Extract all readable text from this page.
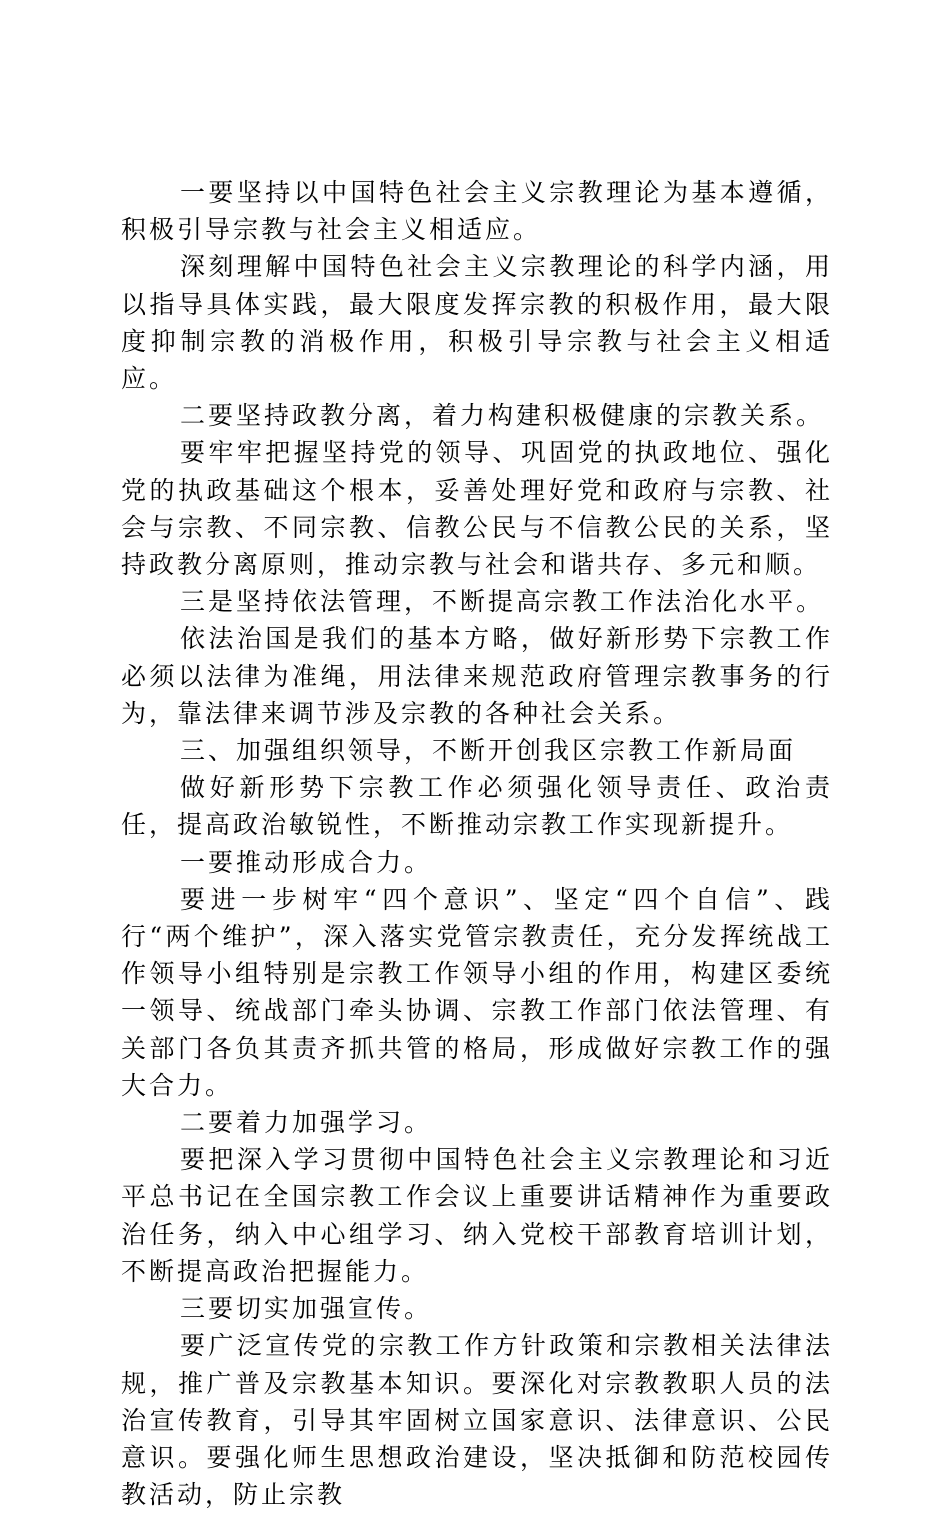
一要坚持以中国特色社会主义宗教理论为基本遵循，积极引导宗教与社会主义相适应。

深刻理解中国特色社会主义宗教理论的科学内涵，用以指导具体实践，最大限度发挥宗教的积极作用，最大限度抑制宗教的消极作用，积极引导宗教与社会主义相适应。

二要坚持政教分离，着力构建积极健康的宗教关系。

要牢牢把握坚持党的领导、巩固党的执政地位、强化党的执政基础这个根本，妥善处理好党和政府与宗教、社会与宗教、不同宗教、信教公民与不信教公民的关系，坚持政教分离原则，推动宗教与社会和谐共存、多元和顺。

三是坚持依法管理，不断提高宗教工作法治化水平。

依法治国是我们的基本方略，做好新形势下宗教工作必须以法律为准绳，用法律来规范政府管理宗教事务的行为，靠法律来调节涉及宗教的各种社会关系。

三、加强组织领导，不断开创我区宗教工作新局面

做好新形势下宗教工作必须强化领导责任、政治责任，提高政治敏锐性，不断推动宗教工作实现新提升。

一要推动形成合力。

要进一步树牢“四个意识”、坚定“四个自信”、践行“两个维护”，深入落实党管宗教责任，充分发挥统战工作领导小组特别是宗教工作领导小组的作用，构建区委统一领导、统战部门牵头协调、宗教工作部门依法管理、有关部门各负其责齐抓共管的格局，形成做好宗教工作的强大合力。

二要着力加强学习。

要把深入学习贯彻中国特色社会主义宗教理论和习近平总书记在全国宗教工作会议上重要讲话精神作为重要政治任务，纳入中心组学习、纳入党校干部教育培训计划，不断提高政治把握能力。

三要切实加强宣传。

要广泛宣传党的宗教工作方针政策和宗教相关法律法规，推广普及宗教基本知识。要深化对宗教教职人员的法治宣传教育，引导其牢固树立国家意识、法律意识、公民意识。要强化师生思想政治建设，坚决抵御和防范校园传教活动，防止宗教
